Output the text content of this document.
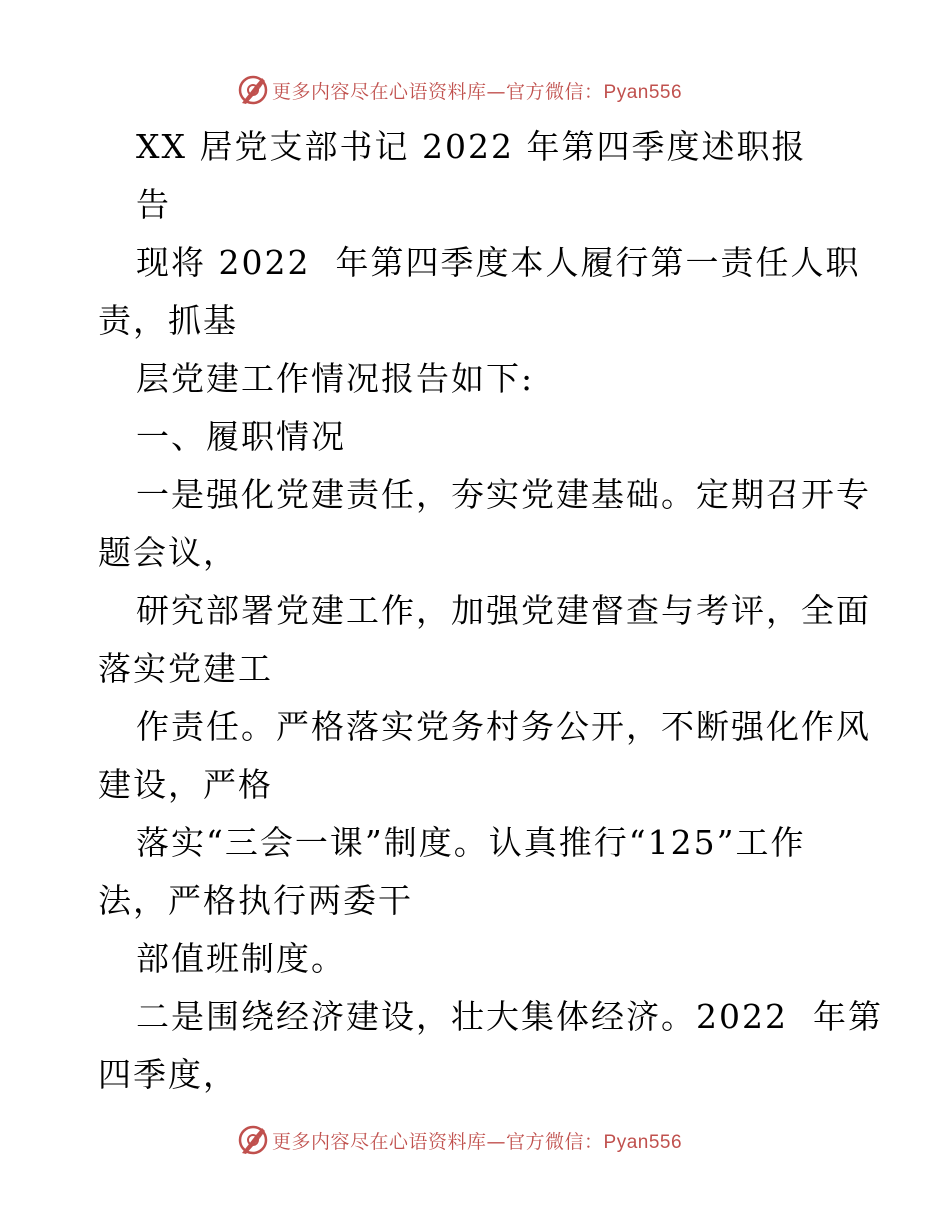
更多内容尽在心语资料库—官方微信：Pyan556
XX 居党支部书记 2022 年第四季度述职报
告
现将 2022  年第四季度本人履行第一责任人职
责，抓基
层党建工作情况报告如下:
一、履职情况
一是强化党建责任，夯实党建基础。定期召开专
题会议，
研究部署党建工作，加强党建督查与考评，全面
落实党建工
作责任。严格落实党务村务公开，不断强化作风
建设，严格
落实“三会一课”制度。认真推行“125”工作
法，严格执行两委干
部值班制度。
二是围绕经济建设，壮大集体经济。2022  年第
四季度，
更多内容尽在心语资料库—官方微信：Pyan556
